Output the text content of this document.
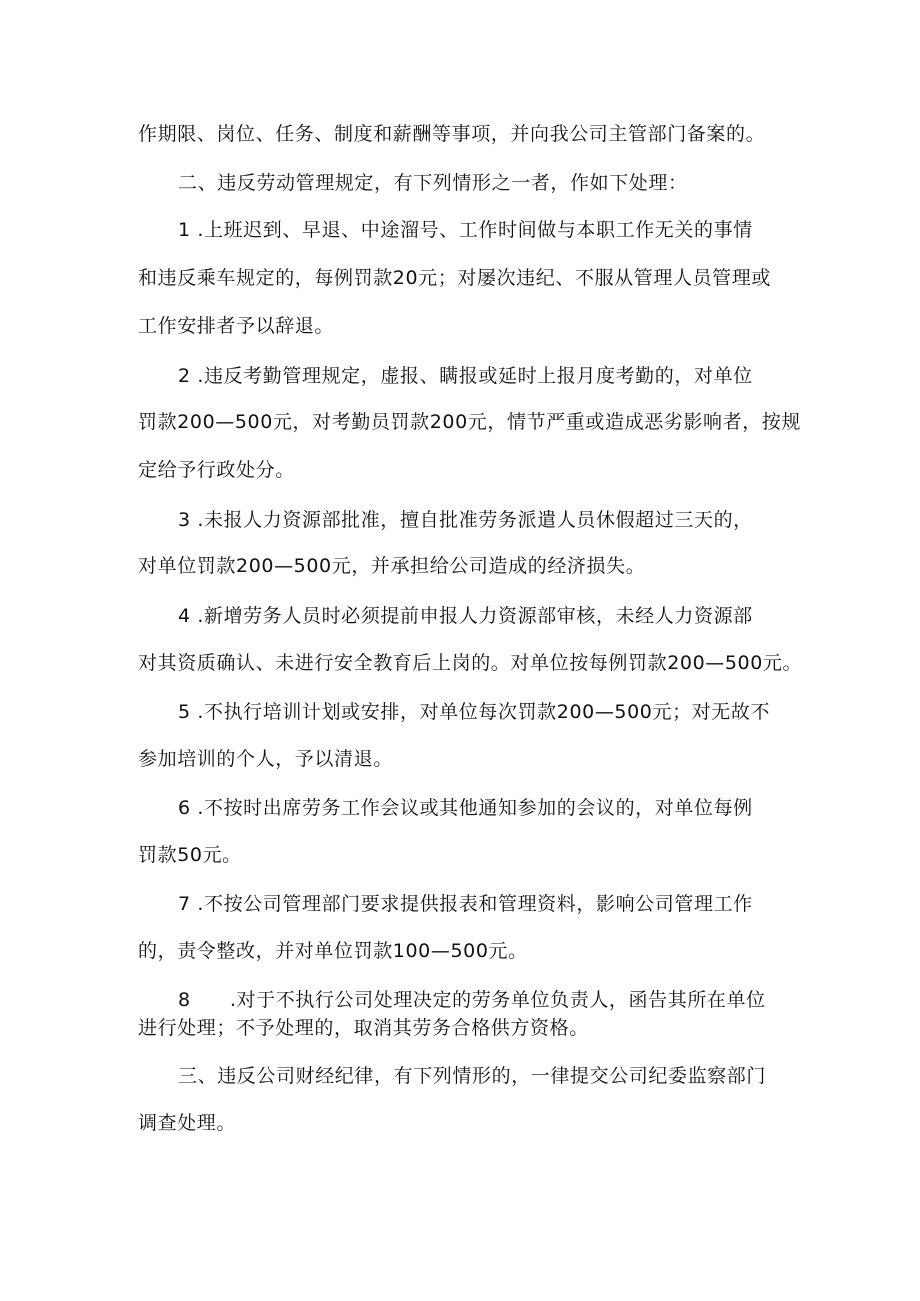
作期限、岗位、任务、制度和薪酬等事项，并向我公司主管部门备案的。
二、违反劳动管理规定，有下列情形之一者，作如下处理：
1 .上班迟到、早退、中途溜号、工作时间做与本职工作无关的事情
和违反乘车规定的，每例罚款20元；对屡次违纪、不服从管理人员管理或
工作安排者予以辞退。
2 .违反考勤管理规定，虚报、瞒报或延时上报月度考勤的，对单位
罚款200—500元，对考勤员罚款200元，情节严重或造成恶劣影响者，按规
定给予行政处分。
3 .未报人力资源部批准，擅自批准劳务派遣人员休假超过三天的，
对单位罚款200—500元，并承担给公司造成的经济损失。
4 .新增劳务人员时必须提前申报人力资源部审核，未经人力资源部
对其资质确认、未进行安全教育后上岗的。对单位按每例罚款200—500元。
5 .不执行培训计划或安排，对单位每次罚款200—500元；对无故不
参加培训的个人，予以清退。
6 .不按时出席劳务工作会议或其他通知参加的会议的，对单位每例
罚款50元。
7 .不按公司管理部门要求提供报表和管理资料，影响公司管理工作
的，责令整改，并对单位罚款100—500元。
8　　.对于不执行公司处理决定的劳务单位负责人，函告其所在单位
进行处理；不予处理的，取消其劳务合格供方资格。
三、违反公司财经纪律，有下列情形的，一律提交公司纪委监察部门
调查处理。
